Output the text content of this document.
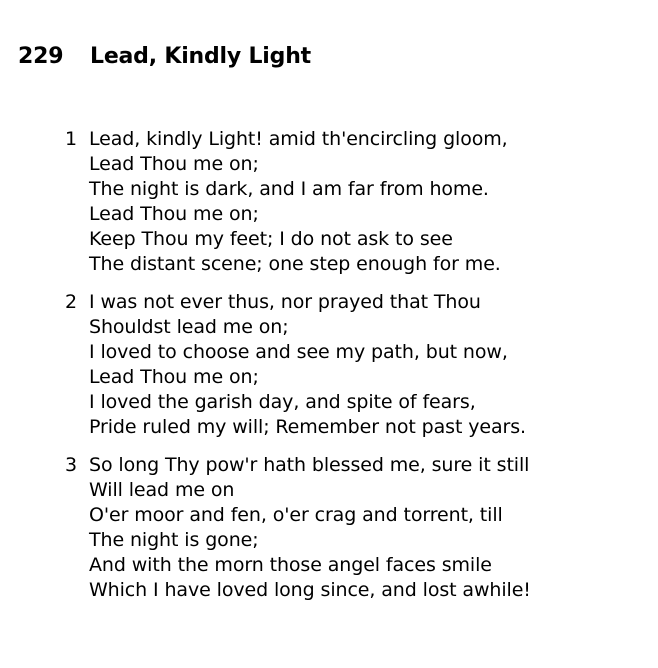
229	Lead, Kindly Light
1 Lead, kindly Light! amid th'encircling gloom,
Lead Thou me on;
The night is dark, and I am far from home.
Lead Thou me on;
Keep Thou my feet; I do not ask to see
The distant scene; one step enough for me.
2 I was not ever thus, nor prayed that Thou
Shouldst lead me on;
I loved to choose and see my path, but now,
Lead Thou me on;
I loved the garish day, and spite of fears,
Pride ruled my will; Remember not past years.
3 So long Thy pow'r hath blessed me, sure it still
Will lead me on
O'er moor and fen, o'er crag and torrent, till
The night is gone;
And with the morn those angel faces smile
Which I have loved long since, and lost awhile!
